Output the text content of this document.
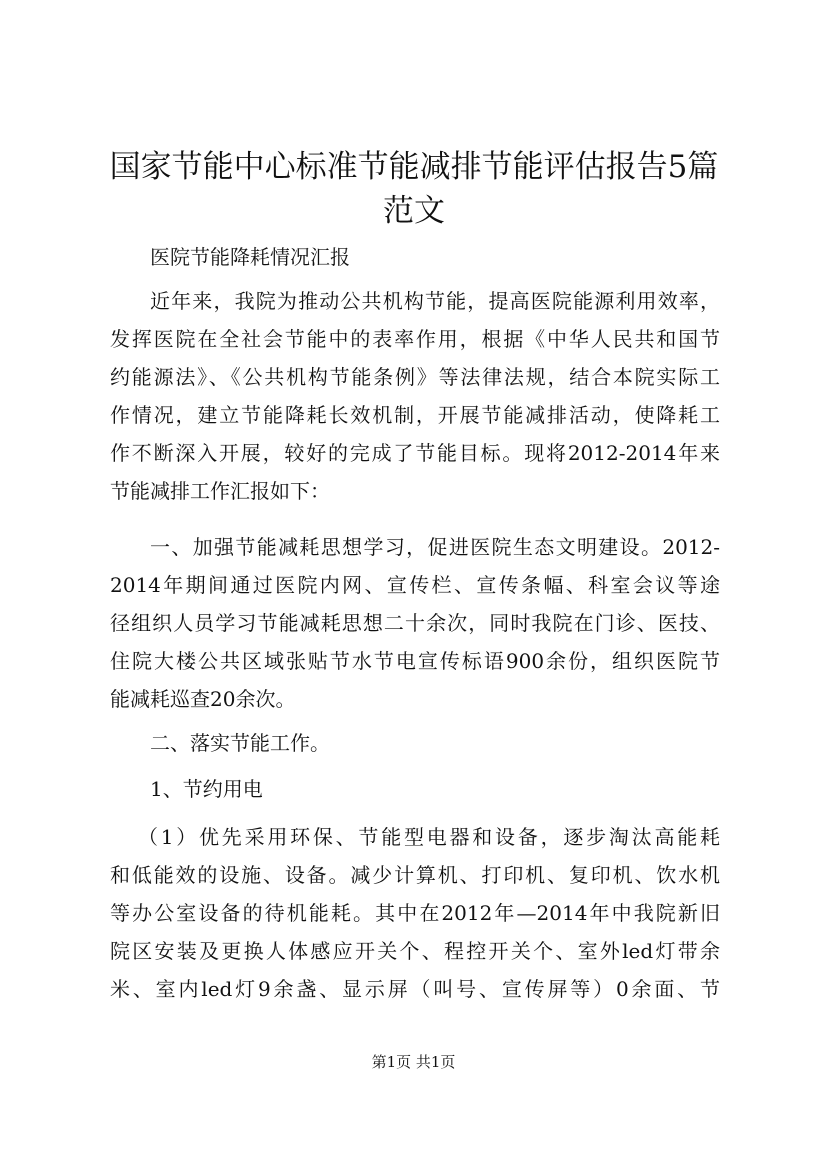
国家节能中心标准节能减排节能评估报告5篇
范文
医院节能降耗情况汇报
近年来，我院为推动公共机构节能，提高医院能源利用效率，
发挥医院在全社会节能中的表率作用，根据《中华人民共和国节
约能源法》、《公共机构节能条例》等法律法规，结合本院实际工
作情况，建立节能降耗长效机制，开展节能减排活动，使降耗工
作不断深入开展，较好的完成了节能目标。现将2012-2014年来
节能减排工作汇报如下：
一、加强节能减耗思想学习，促进医院生态文明建设。2012-
2014年期间通过医院内网、宣传栏、宣传条幅、科室会议等途
径组织人员学习节能减耗思想二十余次，同时我院在门诊、医技、
住院大楼公共区域张贴节水节电宣传标语900余份，组织医院节
能减耗巡查20余次。
二、落实节能工作。
1、节约用电
（1）优先采用环保、节能型电器和设备，逐步淘汰高能耗
和低能效的设施、设备。减少计算机、打印机、复印机、饮水机
等办公室设备的待机能耗。其中在2012年—2014年中我院新旧
院区安装及更换人体感应开关个、程控开关个、室外led灯带余
米、室内led灯9余盏、显示屏（叫号、宣传屏等）0余面、节
第1页 共1页
